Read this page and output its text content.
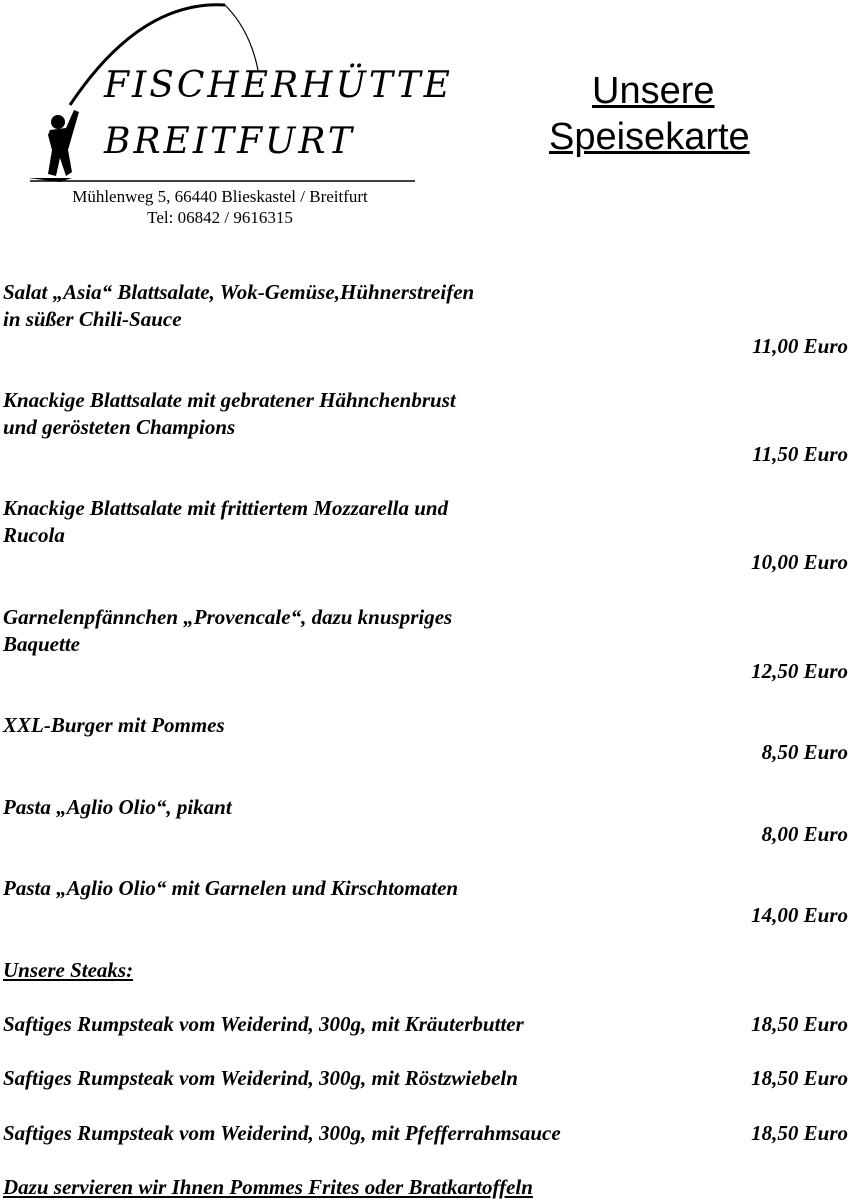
FISCHERHÜTTE
BREITFURT
Mühlenweg 5, 66440 Blieskastel / Breitfurt
Tel: 06842 / 9616315
Unsere
Speisekarte
Salat „Asia“ Blattsalate, Wok-Gemüse,Hühnerstreifen
in süßer Chili-Sauce
11,00 Euro
Knackige Blattsalate mit gebratener Hähnchenbrust
und gerösteten Champions
11,50 Euro
Knackige Blattsalate mit frittiertem Mozzarella und
Rucola
10,00 Euro
Garnelenpfännchen „Provencale“, dazu knuspriges
Baquette
12,50 Euro
XXL-Burger mit Pommes
8,50 Euro
Pasta „Aglio Olio“, pikant
8,00 Euro
Pasta „Aglio Olio“ mit Garnelen und Kirschtomaten
14,00 Euro
Unsere Steaks:
Saftiges Rumpsteak vom Weiderind, 300g, mit Kräuterbutter	18,50 Euro
Saftiges Rumpsteak vom Weiderind, 300g, mit Röstzwiebeln	18,50 Euro
Saftiges Rumpsteak vom Weiderind, 300g, mit Pfefferrahmsauce	18,50 Euro
Dazu servieren wir Ihnen Pommes Frites oder Bratkartoffeln
